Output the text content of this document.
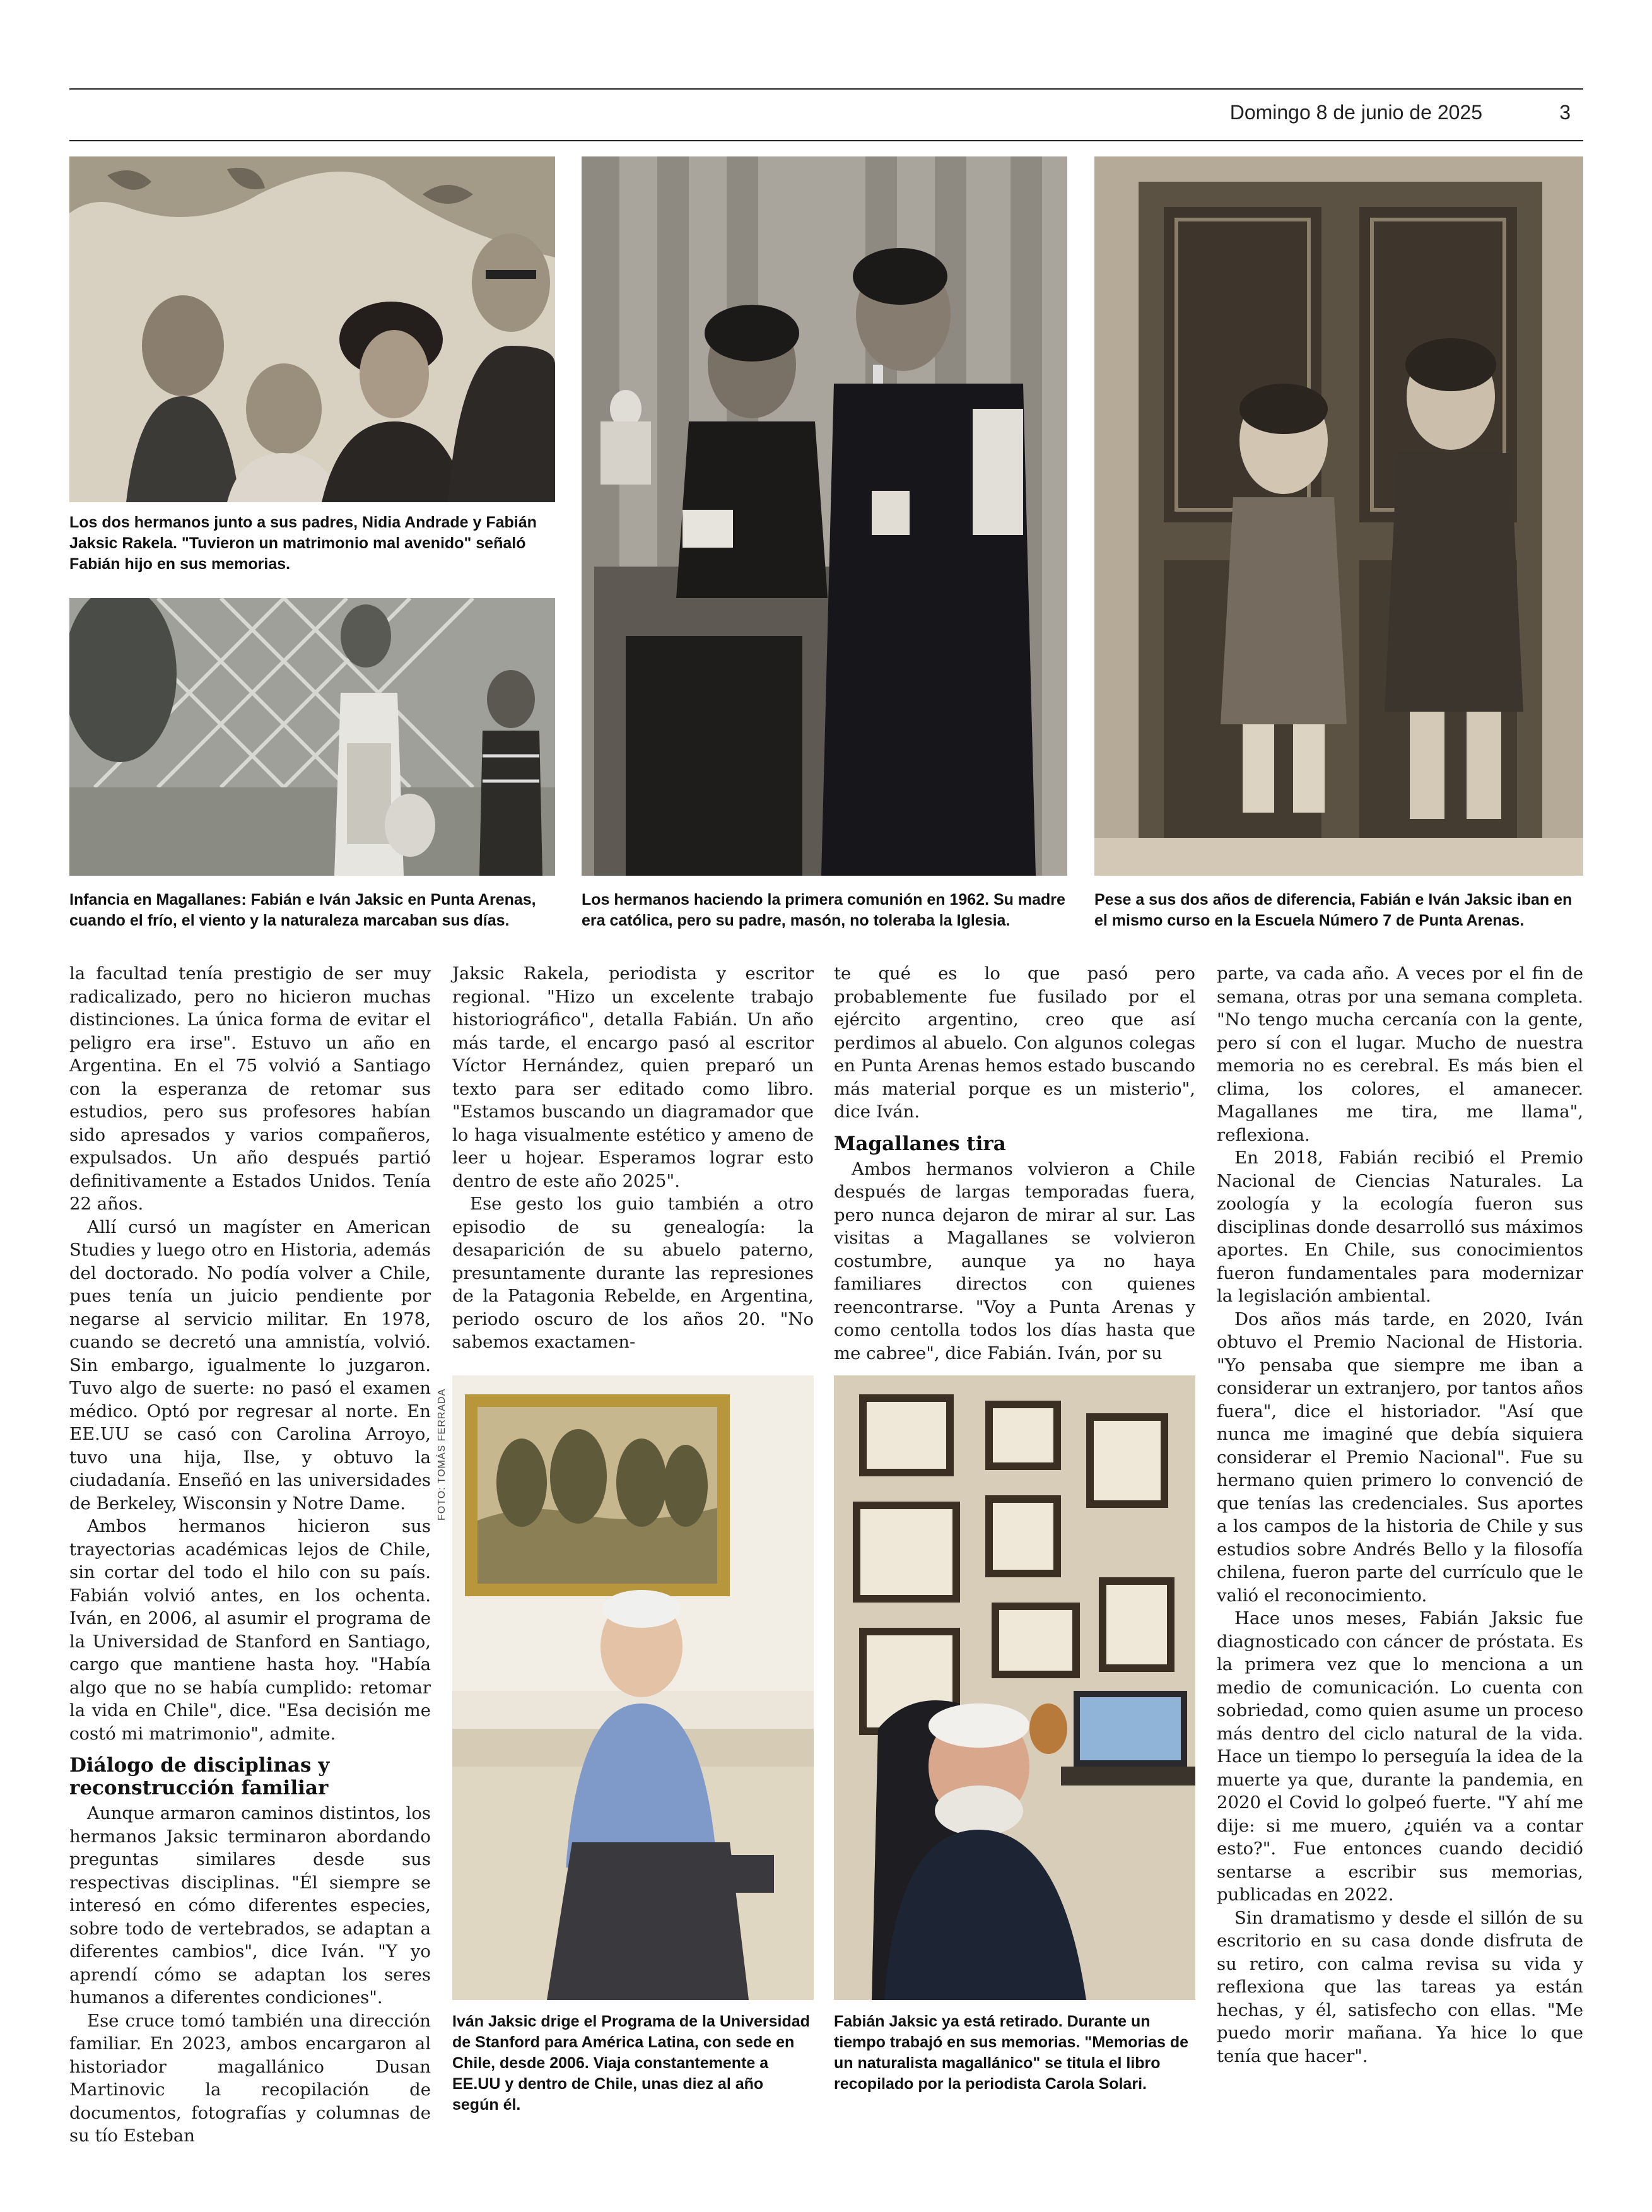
Domingo 8 de junio de 2025	3
Los dos hermanos junto a sus padres, Nidia Andrade y Fabián Jaksic Rakela. "Tuvieron un matrimonio mal avenido" señaló Fabián hijo en sus memorias.
Infancia en Magallanes: Fabián e Iván Jaksic en Punta Arenas, cuando el frío, el viento y la naturaleza marcaban sus días.
Los hermanos haciendo la primera comunión en 1962. Su madre era católica, pero su padre, masón, no toleraba la Iglesia.
Pese a sus dos años de diferencia, Fabián e Iván Jaksic iban en el mismo curso en la Escuela Número 7 de Punta Arenas.

la facultad tenía prestigio de ser muy radicalizado, pero no hicieron muchas distinciones. La única forma de evitar el peligro era irse". Estuvo un año en Argentina. En el 75 volvió a Santiago con la esperanza de retomar sus estudios, pero sus profesores habían sido apresados y varios compañeros, expulsados. Un año después partió definitivamente a Estados Unidos. Tenía 22 años.

Allí cursó un magíster en American Studies y luego otro en Historia, además del doctorado. No podía volver a Chile, pues tenía un juicio pendiente por negarse al servicio militar. En 1978, cuando se decretó una amnistía, volvió. Sin embargo, igualmente lo juzgaron. Tuvo algo de suerte: no pasó el examen médico. Optó por regresar al norte. En EE.UU se casó con Carolina Arroyo, tuvo una hija, Ilse, y obtuvo la ciudadanía. Enseñó en las universidades de Berkeley, Wisconsin y Notre Dame.

Ambos hermanos hicieron sus trayectorias académicas lejos de Chile, sin cortar del todo el hilo con su país. Fabián volvió antes, en los ochenta. Iván, en 2006, al asumir el programa de la Universidad de Stanford en Santiago, cargo que mantiene hasta hoy. "Había algo que no se había cumplido: retomar la vida en Chile", dice. "Esa decisión me costó mi matrimonio", admite.

Diálogo de disciplinas y reconstrucción familiar

Aunque armaron caminos distintos, los hermanos Jaksic terminaron abordando preguntas similares desde sus respectivas disciplinas. "Él siempre se interesó en cómo diferentes especies, sobre todo de vertebrados, se adaptan a diferentes cambios", dice Iván. "Y yo aprendí cómo se adaptan los seres humanos a diferentes condiciones".

Ese cruce tomó también una dirección familiar. En 2023, ambos encargaron al historiador magallánico Dusan Martinovic la recopilación de documentos, fotografías y columnas de su tío Esteban

Jaksic Rakela, periodista y escritor regional. "Hizo un excelente trabajo historiográfico", detalla Fabián. Un año más tarde, el encargo pasó al escritor Víctor Hernández, quien preparó un texto para ser editado como libro. "Estamos buscando un diagramador que lo haga visualmente estético y ameno de leer u hojear. Esperamos lograr esto dentro de este año 2025".

Ese gesto los guio también a otro episodio de su genealogía: la desaparición de su abuelo paterno, presuntamente durante las represiones de la Patagonia Rebelde, en Argentina, periodo oscuro de los años 20. "No sabemos exactamen-

FOTO: TOMÁS FERRADA
Iván Jaksic drige el Programa de la Universidad de Stanford para América Latina, con sede en Chile, desde 2006. Viaja constantemente a EE.UU y dentro de Chile, unas diez al año según él.

te qué es lo que pasó pero probablemente fue fusilado por el ejército argentino, creo que así perdimos al abuelo. Con algunos colegas en Punta Arenas hemos estado buscando más material porque es un misterio", dice Iván.

Magallanes tira

Ambos hermanos volvieron a Chile después de largas temporadas fuera, pero nunca dejaron de mirar al sur. Las visitas a Magallanes se volvieron costumbre, aunque ya no haya familiares directos con quienes reencontrarse. "Voy a Punta Arenas y como centolla todos los días hasta que me cabree", dice Fabián. Iván, por su

Fabián Jaksic ya está retirado. Durante un tiempo trabajó en sus memorias. "Memorias de un naturalista magallánico" se titula el libro recopilado por la periodista Carola Solari.

parte, va cada año. A veces por el fin de semana, otras por una semana completa. "No tengo mucha cercanía con la gente, pero sí con el lugar. Mucho de nuestra memoria no es cerebral. Es más bien el clima, los colores, el amanecer. Magallanes me tira, me llama", reflexiona.

En 2018, Fabián recibió el Premio Nacional de Ciencias Naturales. La zoología y la ecología fueron sus disciplinas donde desarrolló sus máximos aportes. En Chile, sus conocimientos fueron fundamentales para modernizar la legislación ambiental.

Dos años más tarde, en 2020, Iván obtuvo el Premio Nacional de Historia. "Yo pensaba que siempre me iban a considerar un extranjero, por tantos años fuera", dice el historiador. "Así que nunca me imaginé que debía siquiera considerar el Premio Nacional". Fue su hermano quien primero lo convenció de que tenías las credenciales. Sus aportes a los campos de la historia de Chile y sus estudios sobre Andrés Bello y la filosofía chilena, fueron parte del currículo que le valió el reconocimiento.

Hace unos meses, Fabián Jaksic fue diagnosticado con cáncer de próstata. Es la primera vez que lo menciona a un medio de comunicación. Lo cuenta con sobriedad, como quien asume un proceso más dentro del ciclo natural de la vida. Hace un tiempo lo perseguía la idea de la muerte ya que, durante la pandemia, en 2020 el Covid lo golpeó fuerte. "Y ahí me dije: si me muero, ¿quién va a contar esto?". Fue entonces cuando decidió sentarse a escribir sus memorias, publicadas en 2022.

Sin dramatismo y desde el sillón de su escritorio en su casa donde disfruta de su retiro, con calma revisa su vida y reflexiona que las tareas ya están hechas, y él, satisfecho con ellas. "Me puedo morir mañana. Ya hice lo que tenía que hacer".
